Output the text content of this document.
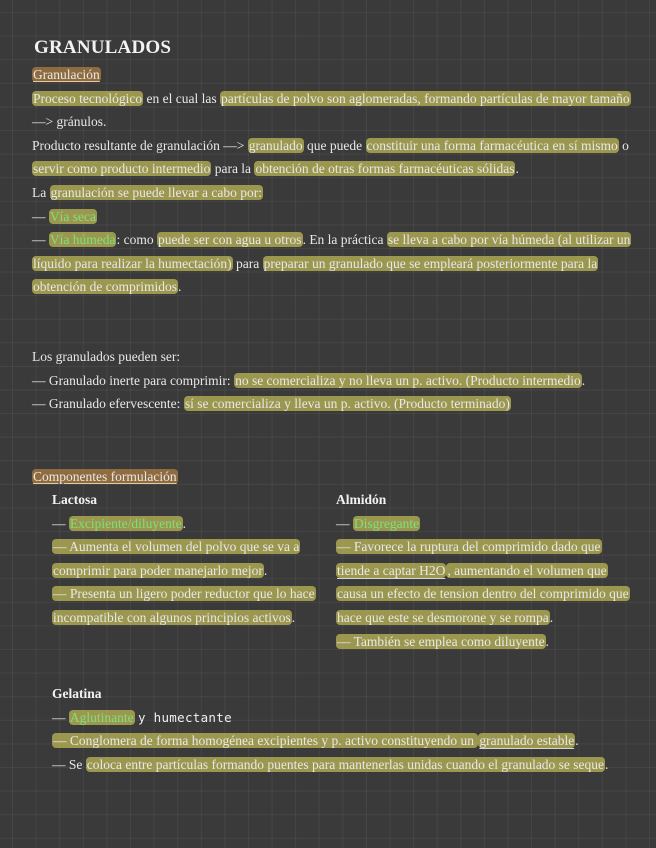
GRANULADOS

Granulación

Proceso tecnológico en el cual las partículas de polvo son aglomeradas, formando partículas de mayor tamaño —> gránulos.

Producto resultante de granulación —> granulado que puede constituir una forma farmacéutica en sí mismo o servir como producto intermedio para la obtención de otras formas farmacéuticas sólidas.

La granulación se puede llevar a cabo por:

— Vía seca

— Vía húmeda: como puede ser con agua u otros. En la práctica se lleva a cabo por vía húmeda (al utilizar un líquido para realizar la humectación) para preparar un granulado que se empleará posteriormente para la obtención de comprimidos.

Los granulados pueden ser:

— Granulado inerte para comprimir: no se comercializa y no lleva un p. activo. (Producto intermedio.

— Granulado efervescente: sí se comercializa y lleva un p. activo. (Producto terminado)

Componentes formulación

Lactosa

— Excipiente/diluyente.

— Aumenta el volumen del polvo que se va a comprimir para poder manejarlo mejor.

— Presenta un ligero poder reductor que lo hace incompatible con algunos principios activos.

Almidón

— Disgregante

— Favorece la ruptura del comprimido dado que tiende a captar H2O , aumentando el volumen que causa un efecto de tension dentro del comprimido que hace que este se desmorone y se rompa.

— También se emplea como diluyente.

Gelatina

— Aglutinante y humectante

— Conglomera de forma homogénea excipientes y p. activo constituyendo un granulado estable.

— Se coloca entre partículas formando puentes para mantenerlas unidas cuando el granulado se seque.
